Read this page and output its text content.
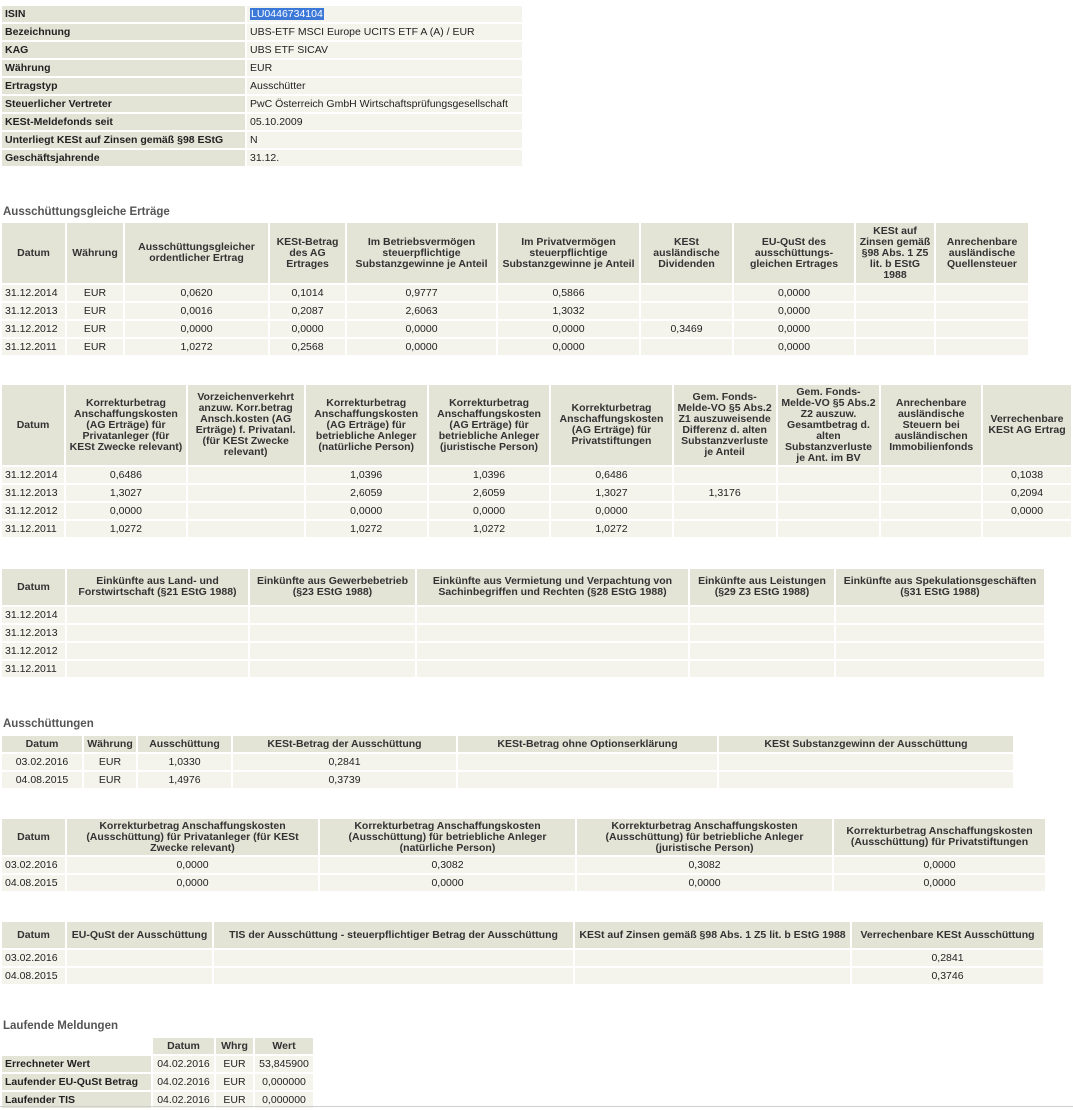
ISIN	LU0446734104
Bezeichnung	UBS-ETF MSCI Europe UCITS ETF A (A) / EUR
KAG	UBS ETF SICAV
Währung	EUR
Ertragstyp	Ausschütter
Steuerlicher Vertreter	PwC Österreich GmbH Wirtschaftsprüfungsgesellschaft
KESt-Meldefonds seit	05.10.2009
Unterliegt KESt auf Zinsen gemäß §98 EStG	N
Geschäftsjahrende	31.12.
Ausschüttungsgleiche Erträge
Datum	Währung	Ausschüttungsgleicher ordentlicher Ertrag	KESt-Betrag des AG Ertrages	Im Betriebsvermögen steuerpflichtige Substanzgewinne je Anteil	Im Privatvermögen steuerpflichtige Substanzgewinne je Anteil	KESt ausländische Dividenden	EU-QuSt des ausschüttungs-gleichen Ertrages	KESt auf Zinsen gemäß §98 Abs. 1 Z5 lit. b EStG 1988	Anrechenbare ausländische Quellensteuer
31.12.2014	EUR	0,0620	0,1014	0,9777	0,5866		0,0000		
31.12.2013	EUR	0,0016	0,2087	2,6063	1,3032		0,0000		
31.12.2012	EUR	0,0000	0,0000	0,0000	0,0000	0,3469	0,0000		
31.12.2011	EUR	1,0272	0,2568	0,0000	0,0000		0,0000		
Datum	Korrekturbetrag Anschaffungskosten (AG Erträge) für Privatanleger (für KESt Zwecke relevant)	Vorzeichenverkehrt anzuw. Korr.betrag Ansch.kosten (AG Erträge) f. Privatanl. (für KESt Zwecke relevant)	Korrekturbetrag Anschaffungskosten (AG Erträge) für betriebliche Anleger (natürliche Person)	Korrekturbetrag Anschaffungskosten (AG Erträge) für betriebliche Anleger (juristische Person)	Korrekturbetrag Anschaffungskosten (AG Erträge) für Privatstiftungen	Gem. Fonds-Melde-VO §5 Abs.2 Z1 auszuweisende Differenz d. alten Substanzverluste je Anteil	Gem. Fonds-Melde-VO §5 Abs.2 Z2 auszuw. Gesamtbetrag d. alten Substanzverluste je Ant. im BV	Anrechenbare ausländische Steuern bei ausländischen Immobilienfonds	Verrechenbare KESt AG Ertrag
31.12.2014	0,6486		1,0396	1,0396	0,6486				0,1038
31.12.2013	1,3027		2,6059	2,6059	1,3027	1,3176			0,2094
31.12.2012	0,0000		0,0000	0,0000	0,0000				0,0000
31.12.2011	1,0272		1,0272	1,0272	1,0272				
Datum	Einkünfte aus Land- und Forstwirtschaft (§21 EStG 1988)	Einkünfte aus Gewerbebetrieb (§23 EStG 1988)	Einkünfte aus Vermietung und Verpachtung von Sachinbegriffen und Rechten (§28 EStG 1988)	Einkünfte aus Leistungen (§29 Z3 EStG 1988)	Einkünfte aus Spekulationsgeschäften (§31 EStG 1988)
31.12.2014					
31.12.2013					
31.12.2012					
31.12.2011					
Ausschüttungen
Datum	Währung	Ausschüttung	KESt-Betrag der Ausschüttung	KESt-Betrag ohne Optionserklärung	KESt Substanzgewinn der Ausschüttung
03.02.2016	EUR	1,0330	0,2841		
04.08.2015	EUR	1,4976	0,3739		
Datum	Korrekturbetrag Anschaffungskosten (Ausschüttung) für Privatanleger (für KESt Zwecke relevant)	Korrekturbetrag Anschaffungskosten (Ausschüttung) für betriebliche Anleger (natürliche Person)	Korrekturbetrag Anschaffungskosten (Ausschüttung) für betriebliche Anleger (juristische Person)	Korrekturbetrag Anschaffungskosten (Ausschüttung) für Privatstiftungen
03.02.2016	0,0000	0,3082	0,3082	0,0000
04.08.2015	0,0000	0,0000	0,0000	0,0000
Datum	EU-QuSt der Ausschüttung	TIS der Ausschüttung - steuerpflichtiger Betrag der Ausschüttung	KESt auf Zinsen gemäß §98 Abs. 1 Z5 lit. b EStG 1988	Verrechenbare KESt Ausschüttung
03.02.2016				0,2841
04.08.2015				0,3746
Laufende Meldungen
	Datum	Whrg	Wert
Errechneter Wert	04.02.2016	EUR	53,845900
Laufender EU-QuSt Betrag	04.02.2016	EUR	0,000000
Laufender TIS	04.02.2016	EUR	0,000000
